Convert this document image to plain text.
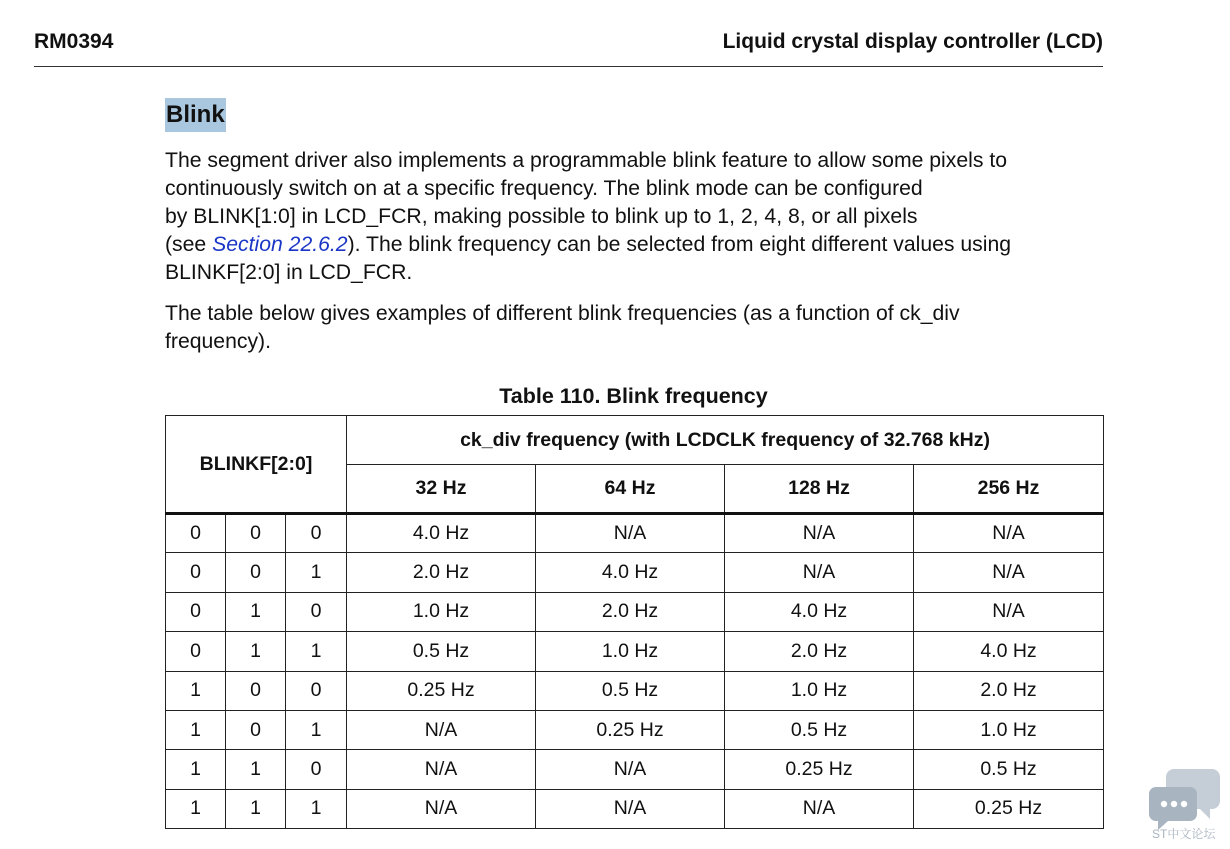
RM0394	Liquid crystal display controller (LCD)
Blink

The segment driver also implements a programmable blink feature to allow some pixels to
continuously switch on at a specific frequency. The blink mode can be configured
by BLINK[1:0] in LCD_FCR, making possible to blink up to 1, 2, 4, 8, or all pixels
(see Section 22.6.2). The blink frequency can be selected from eight different values using
BLINKF[2:0] in LCD_FCR.

The table below gives examples of different blink frequencies (as a function of ck_div
frequency).

Table 110. Blink frequency
BLINKF[2:0]			ck_div frequency (with LCDCLK frequency of 32.768 kHz)			
			32 Hz	64 Hz	128 Hz	256 Hz
0	0	0	4.0 Hz	N/A	N/A	N/A
0	0	1	2.0 Hz	4.0 Hz	N/A	N/A
0	1	0	1.0 Hz	2.0 Hz	4.0 Hz	N/A
0	1	1	0.5 Hz	1.0 Hz	2.0 Hz	4.0 Hz
1	0	0	0.25 Hz	0.5 Hz	1.0 Hz	2.0 Hz
1	0	1	N/A	0.25 Hz	0.5 Hz	1.0 Hz
1	1	0	N/A	N/A	0.25 Hz	0.5 Hz
1	1	1	N/A	N/A	N/A	0.25 Hz
ST中文论坛
